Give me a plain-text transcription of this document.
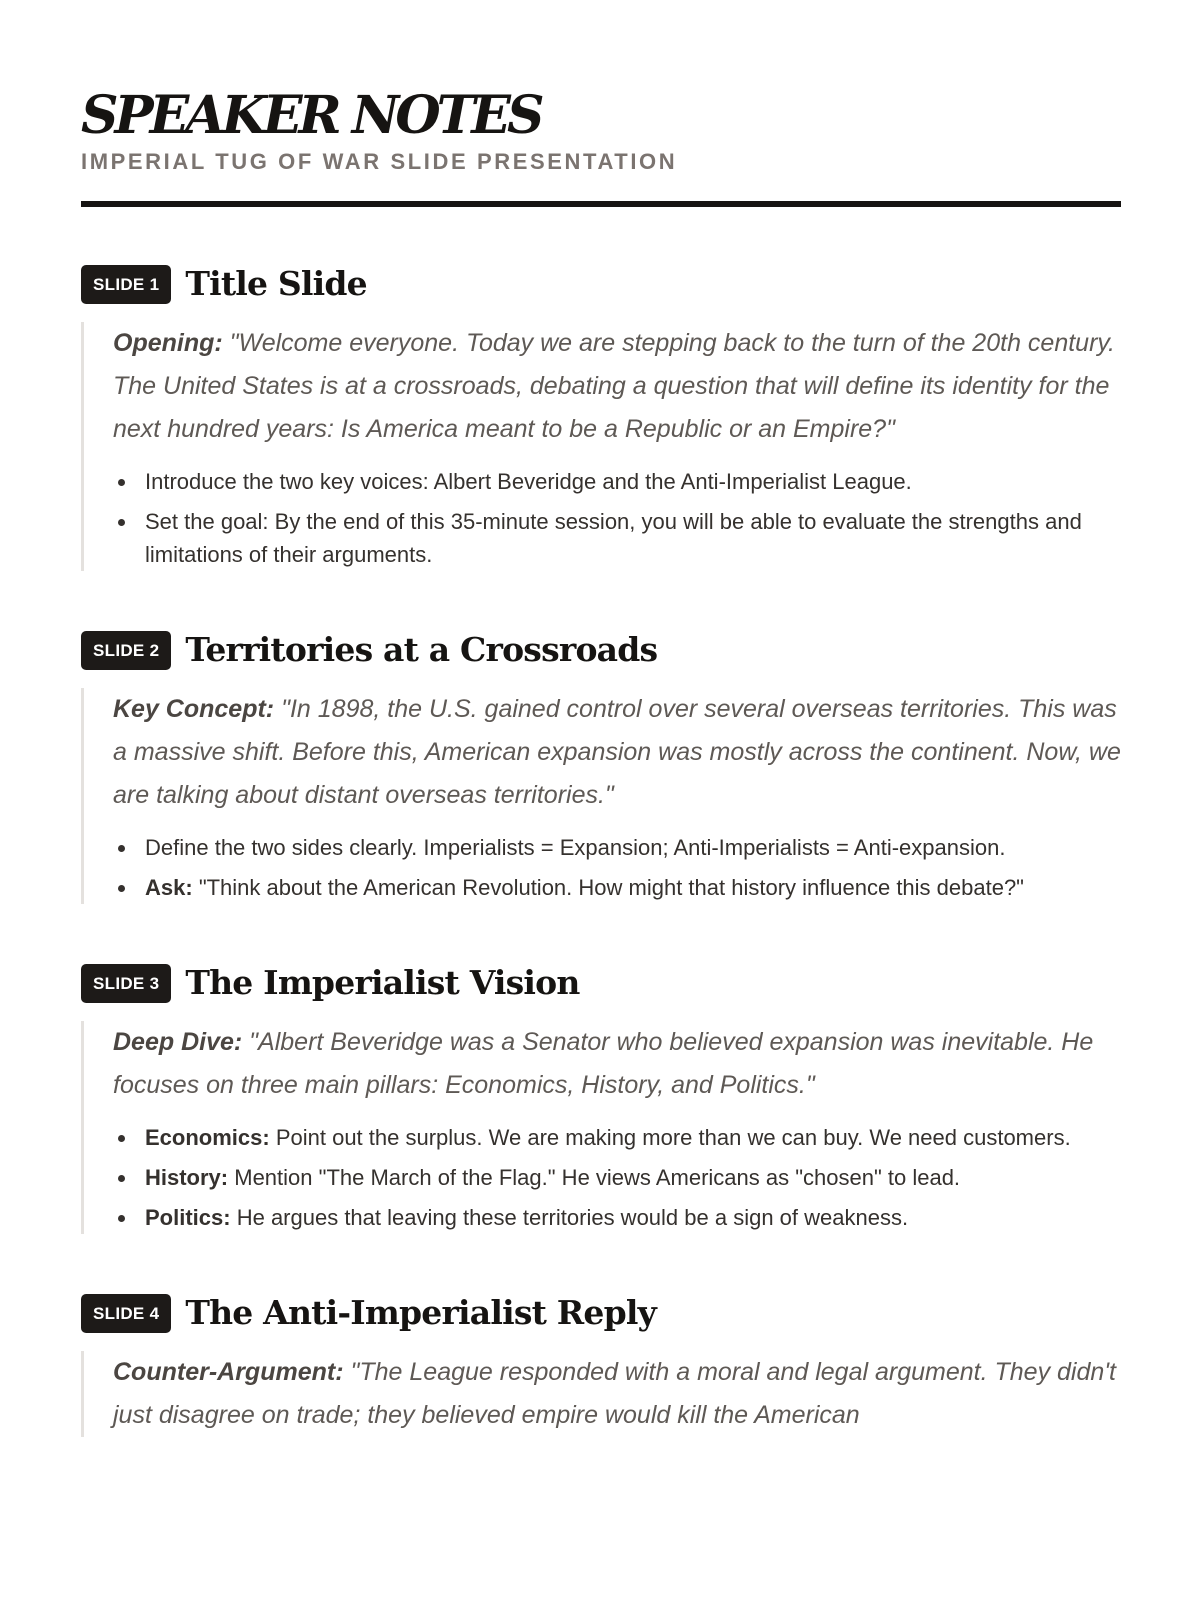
SPEAKER NOTES
IMPERIAL TUG OF WAR SLIDE PRESENTATION
SLIDE 1 Title Slide

Opening: "Welcome everyone. Today we are stepping back to the turn of the 20th century. The United States is at a crossroads, debating a question that will define its identity for the next hundred years: Is America meant to be a Republic or an Empire?"

Introduce the two key voices: Albert Beveridge and the Anti-Imperialist League.
Set the goal: By the end of this 35-minute session, you will be able to evaluate the strengths and limitations of their arguments.
SLIDE 2 Territories at a Crossroads

Key Concept: "In 1898, the U.S. gained control over several overseas territories. This was a massive shift. Before this, American expansion was mostly across the continent. Now, we are talking about distant overseas territories."

Define the two sides clearly. Imperialists = Expansion; Anti-Imperialists = Anti-expansion.
Ask: "Think about the American Revolution. How might that history influence this debate?"
SLIDE 3 The Imperialist Vision

Deep Dive: "Albert Beveridge was a Senator who believed expansion was inevitable. He focuses on three main pillars: Economics, History, and Politics."

Economics: Point out the surplus. We are making more than we can buy. We need customers.
History: Mention "The March of the Flag." He views Americans as "chosen" to lead.
Politics: He argues that leaving these territories would be a sign of weakness.
SLIDE 4 The Anti-Imperialist Reply

Counter-Argument: "The League responded with a moral and legal argument. They didn't just disagree on trade; they believed empire would kill the American
